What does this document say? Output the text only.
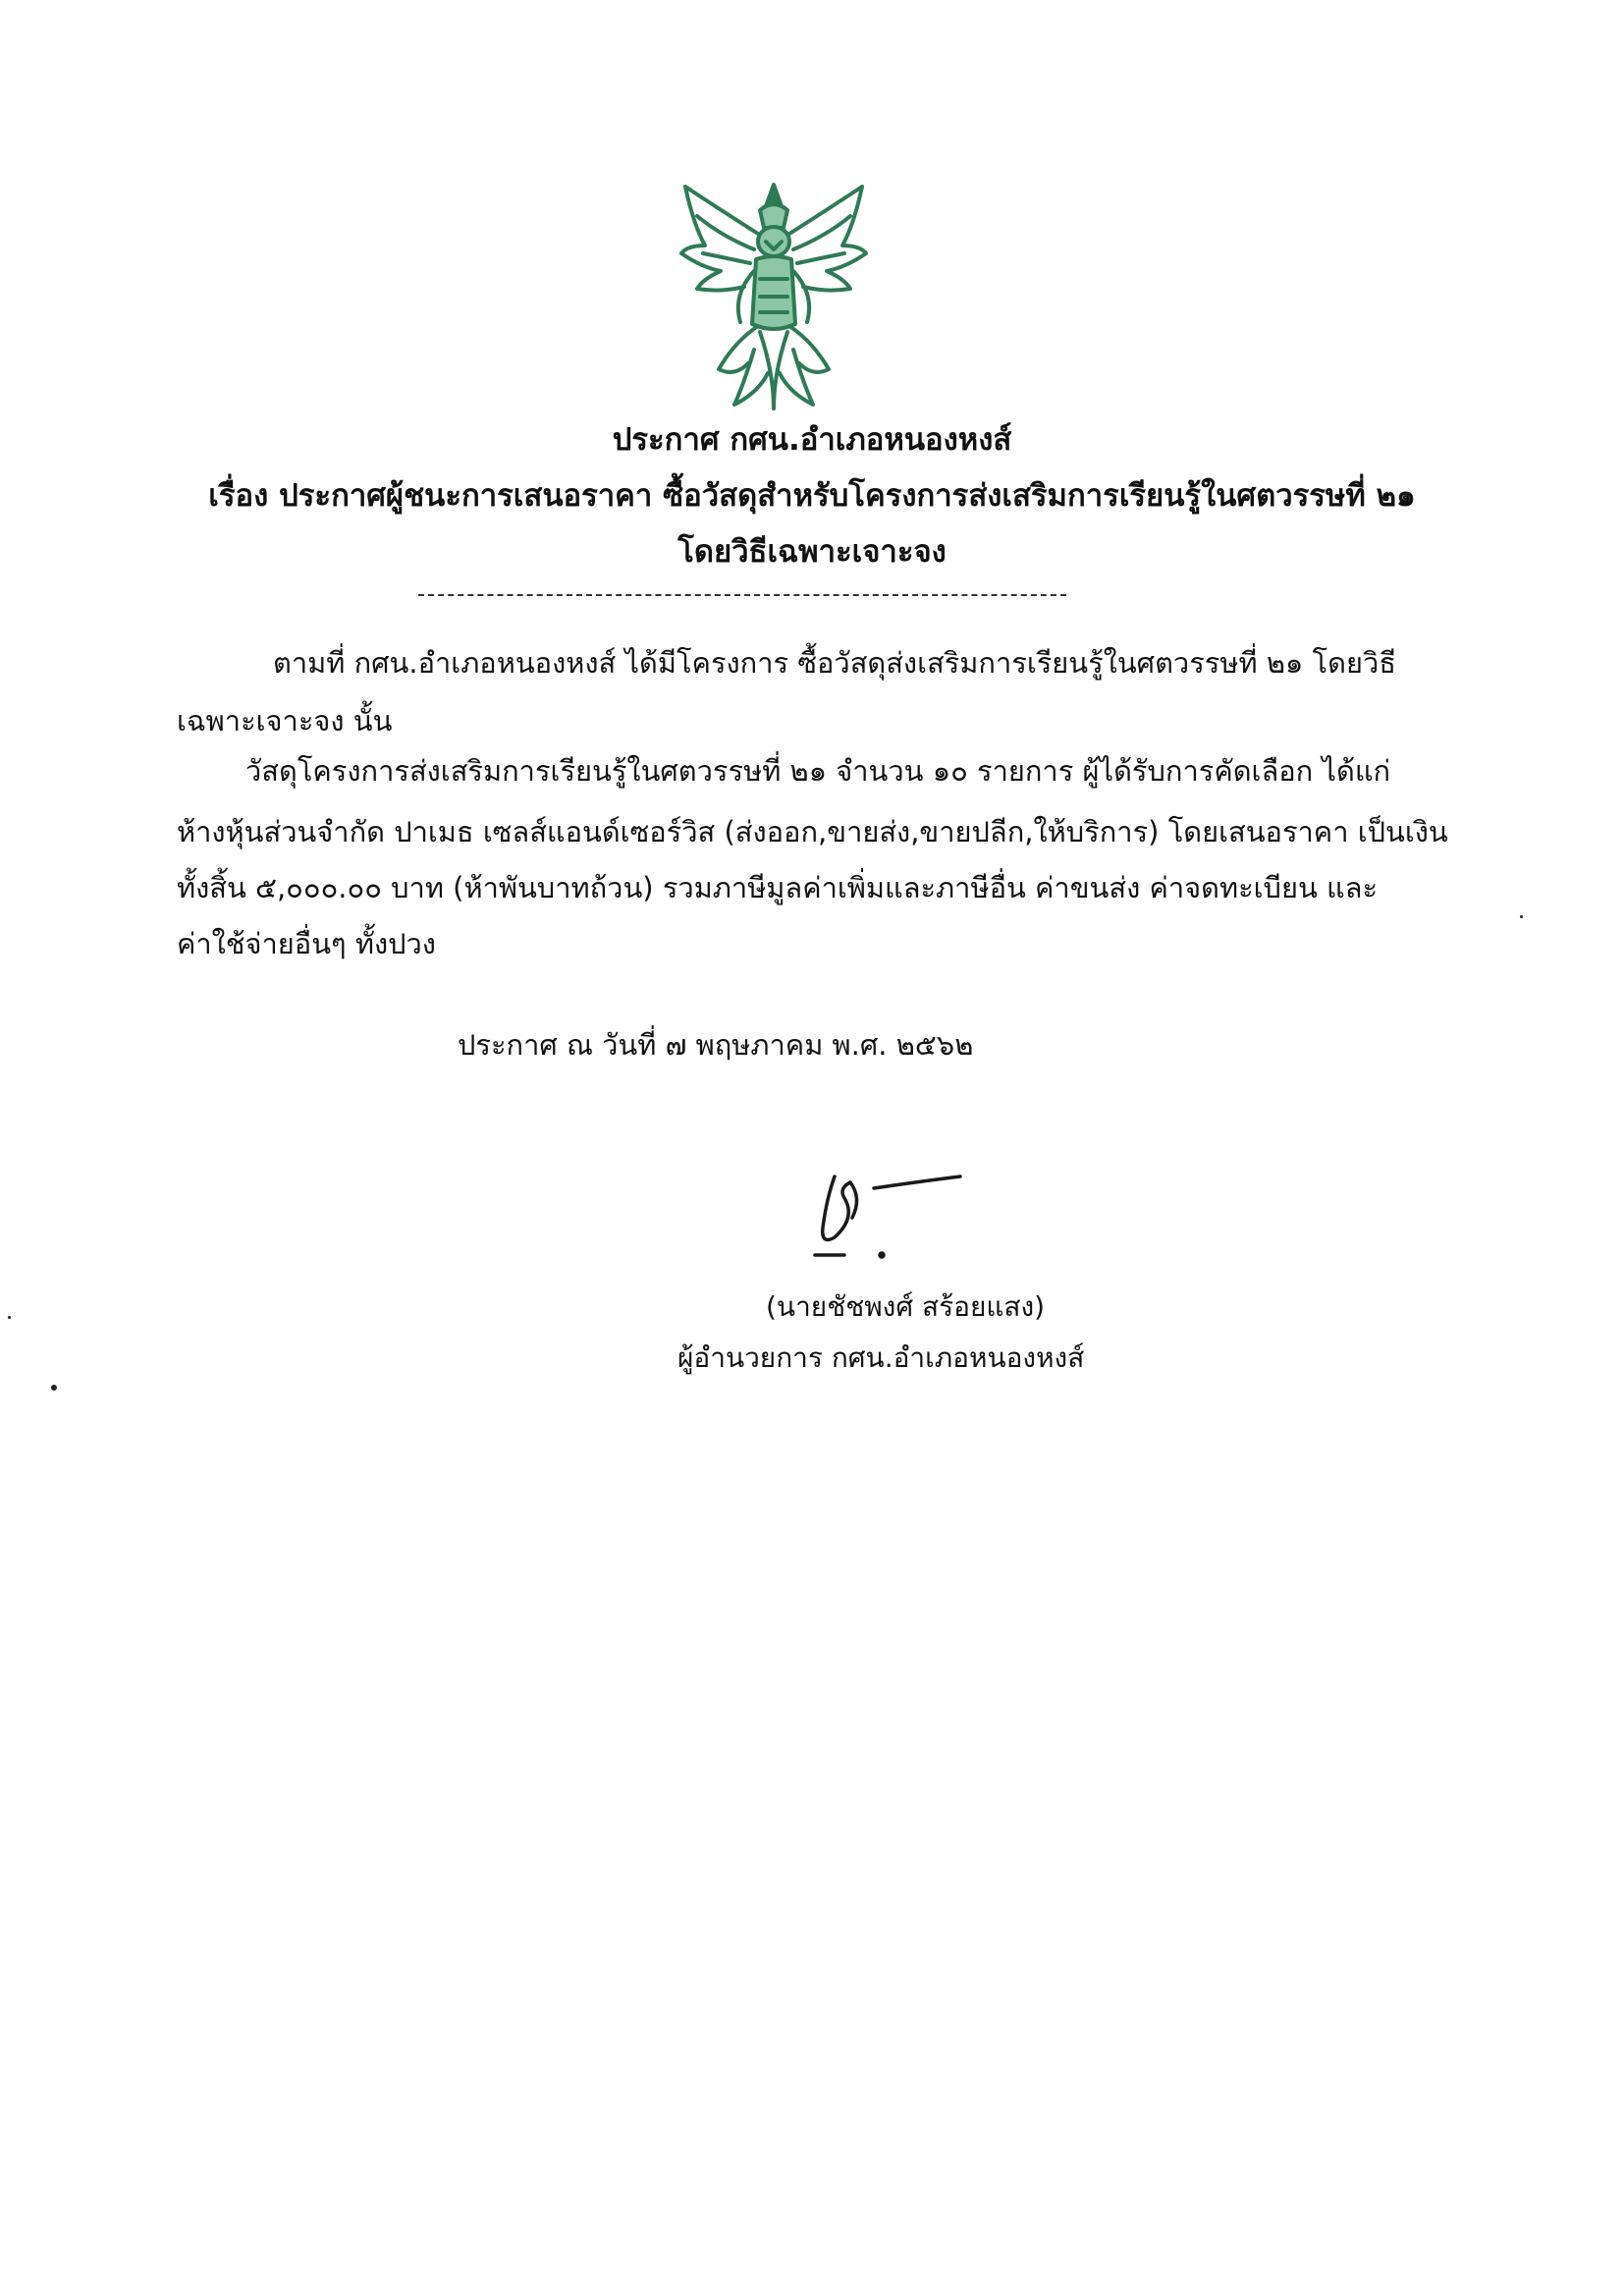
ประกาศ กศน.อำเภอหนองหงส์
เรื่อง ประกาศผู้ชนะการเสนอราคา ซื้อวัสดุสำหรับโครงการส่งเสริมการเรียนรู้ในศตวรรษที่ ๒๑
โดยวิธีเฉพาะเจาะจง
ตามที่ กศน.อำเภอหนองหงส์ ได้มีโครงการ ซื้อวัสดุส่งเสริมการเรียนรู้ในศตวรรษที่ ๒๑ โดยวิธี
เฉพาะเจาะจง นั้น
วัสดุโครงการส่งเสริมการเรียนรู้ในศตวรรษที่ ๒๑ จำนวน ๑๐ รายการ ผู้ได้รับการคัดเลือก ได้แก่
ห้างหุ้นส่วนจำกัด ปาเมธ เซลส์แอนด์เซอร์วิส (ส่งออก,ขายส่ง,ขายปลีก,ให้บริการ) โดยเสนอราคา เป็นเงิน
ทั้งสิ้น ๕,๐๐๐.๐๐ บาท (ห้าพันบาทถ้วน) รวมภาษีมูลค่าเพิ่มและภาษีอื่น ค่าขนส่ง ค่าจดทะเบียน และ
ค่าใช้จ่ายอื่นๆ ทั้งปวง
ประกาศ ณ วันที่ ๗ พฤษภาคม พ.ศ. ๒๕๖๒
(นายชัชพงศ์ สร้อยแสง)
ผู้อำนวยการ กศน.อำเภอหนองหงส์
